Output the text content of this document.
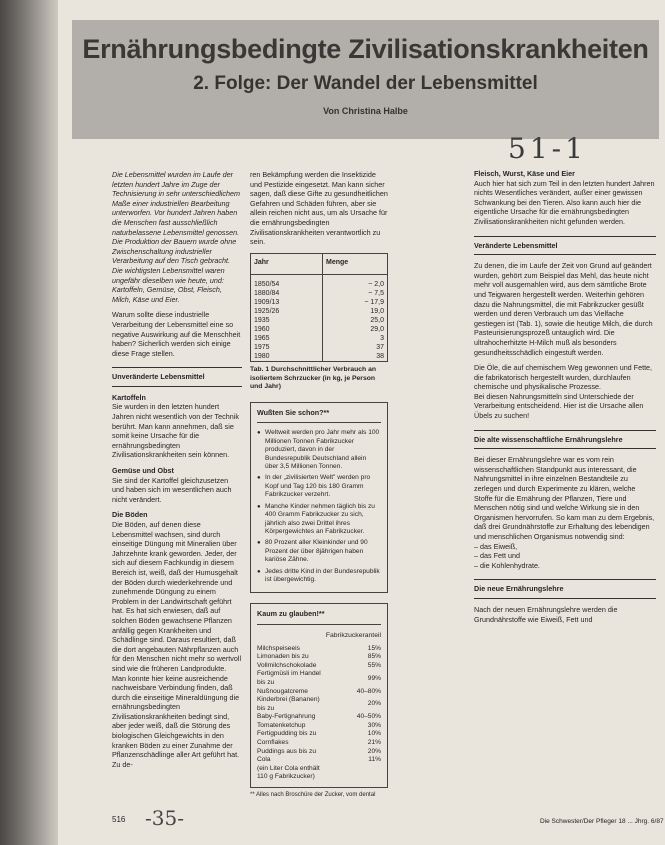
Ernährungsbedingte Zivilisationskrankheiten
2. Folge: Der Wandel der Lebensmittel
Von Christina Halbe
51-1
Die Lebensmittel wurden im Laufe der letzten hundert Jahre im Zuge der Technisierung in sehr unterschiedlichem Maße einer industriellen Bearbeitung unterworfen. Vor hundert Jahren haben die Menschen fast ausschließlich naturbelassene Lebensmittel genossen. Die Produktion der Bauern wurde ohne Zwischenschaltung industrieller Verarbeitung auf den Tisch gebracht. Die wichtigsten Lebensmittel waren ungefähr dieselben wie heute, und: Kartoffeln, Gemüse, Obst, Fleisch, Milch, Käse und Eier.
Warum sollte diese industrielle Verarbeitung der Lebensmittel eine so negative Auswirkung auf die Menschheit haben? Sicherlich werden sich einige diese Frage stellen.
Unveränderte Lebensmittel
Kartoffeln
Sie wurden in den letzten hundert Jahren nicht wesentlich von der Technik berührt. Man kann annehmen, daß sie somit keine Ursache für die ernährungsbedingten Zivilisationskrankheiten sein können.
Gemüse und Obst
Sie sind der Kartoffel gleichzusetzen und haben sich im wesentlichen auch nicht verändert.
Die Böden
Die Böden, auf denen diese Lebensmittel wachsen, sind durch einseitige Düngung mit Mineralien über Jahrzehnte krank geworden. Jeder, der sich auf diesem Fachkundig in diesem Bereich ist, weiß, daß der Humusgehalt der Böden durch wiederkehrende und zunehmende Düngung zu einem Problem in der Landwirtschaft geführt hat. Es hat sich erwiesen, daß auf solchen Böden gewachsene Pflanzen anfällig gegen Krankheiten und Schädlinge sind. Daraus resultiert, daß die dort angebauten Nährpflanzen auch für den Menschen nicht mehr so wertvoll sind wie die früheren Landprodukte.
Man konnte hier keine ausreichende nachweisbare Verbindung finden, daß durch die einseitige Mineraldüngung die ernährungsbedingten Zivilisationskrankheiten bedingt sind, aber jeder weiß, daß die Störung des biologischen Gleichgewichts in den kranken Böden zu einer Zunahme der Pflanzenschädlinge aller Art geführt hat. Zu de-
ren Bekämpfung werden die Insektizide und Pestizide eingesetzt. Man kann sicher sagen, daß diese Gifte zu gesundheitlichen Gefahren und Schäden führen, aber sie allein reichen nicht aus, um als Ursache für die ernährungsbedingten Zivilisationskrankheiten verantwortlich zu sein.
Jahr	Menge
1850/54	~ 2,0
1880/84	~ 7,5
1909/13	~ 17,9
1925/26	19,0
1935	25,0
1960	29,0
1965	3
1975	37
1980	38
Tab. 1 Durchschnittlicher Verbrauch an isoliertem Schrzucker (in kg, je Person und Jahr)
Wußten Sie schon?**
● Weltweit werden pro Jahr mehr als 100 Millionen Tonnen Fabrikzucker produziert, davon in der Bundesrepublik Deutschland allein über 3,5 Millionen Tonnen.
● In der „zivilisierten Welt" werden pro Kopf und Tag 120 bis 180 Gramm Fabrikzucker verzehrt.
● Manche Kinder nehmen täglich bis zu 400 Gramm Fabrikzucker zu sich, jährlich also zwei Drittel ihres Körpergewichtes an Fabrikzucker.
● 80 Prozent aller Kleinkinder und 90 Prozent der über 8jährigen haben kariöse Zähne.
● Jedes dritte Kind in der Bundesrepublik ist übergewichtig.
Kaum zu glauben!**
	Fabrikzuckeranteil
Milchspeiseeis	15%
Limonaden bis zu	85%
Vollmilchschokolade	55%
Fertigmüsli im Handel bis zu	99%
Nußnougatcreme	40–80%
Kinderbrei (Bananen) bis zu	20%
Baby-Fertignahrung	40–50%
Tomatenketchup	30%
Fertigpudding bis zu	10%
Cornflakes	21%
Puddings aus bis zu	20%
Cola	11%
(ein Liter Cola enthält 110 g Fabrikzucker)	
** Alles nach Broschüre der Zucker, vom dental
Fleisch, Wurst, Käse und Eier
Auch hier hat sich zum Teil in den letzten hundert Jahren nichts Wesentliches verändert, außer einer gewissen Schwankung bei den Tieren. Also kann auch hier die eigentliche Ursache für die ernährungsbedingten Zivilisationskrankheiten nicht gefunden werden.
Veränderte Lebensmittel
Zu denen, die im Laufe der Zeit von Grund auf geändert wurden, gehört zum Beispiel das Mehl, das heute nicht mehr voll ausgemahlen wird, aus dem sämtliche Brote und Teigwaren hergestellt werden. Weiterhin gehören dazu die Nahrungsmittel, die mit Fabrikzucker gesüßt werden und deren Verbrauch um das Vielfache gestiegen ist (Tab. 1), sowie die heutige Milch, die durch Pasteurisierungsprozeß untauglich wird. Die ultrahocherhitzte H-Milch muß als besonders gesundheitsschädlich eingestuft werden.
Die Öle, die auf chemischem Weg gewonnen und Fette, die fabrikatorisch hergestellt wurden, durchlaufen chemische und physikalische Prozesse.
Bei diesen Nahrungsmitteln sind Unterschiede der Verarbeitung entscheidend. Hier ist die Ursache allen Übels zu suchen!
Die alte wissenschaftliche Ernährungslehre
Bei dieser Ernährungslehre war es vom rein wissenschaftlichen Standpunkt aus interessant, die Nahrungsmittel in ihre einzelnen Bestandteile zu zerlegen und durch Experimente zu klären, welche Stoffe für die Ernährung der Pflanzen, Tiere und Menschen nötig sind und welche Wirkung sie in den Organismen hervorrufen. So kam man zu dem Ergebnis, daß drei Grundnährstoffe zur Erhaltung des lebendigen und menschlichen Organismus notwendig sind:
– das Eiweiß,
– das Fett und
– die Kohlenhydrate.
Die neue Ernährungslehre
Nach der neuen Ernährungslehre werden die Grundnährstoffe wie Eiweiß, Fett und
516 -35-	Die Schwester/Der Pfleger 18 ... Jhrg. 6/87
